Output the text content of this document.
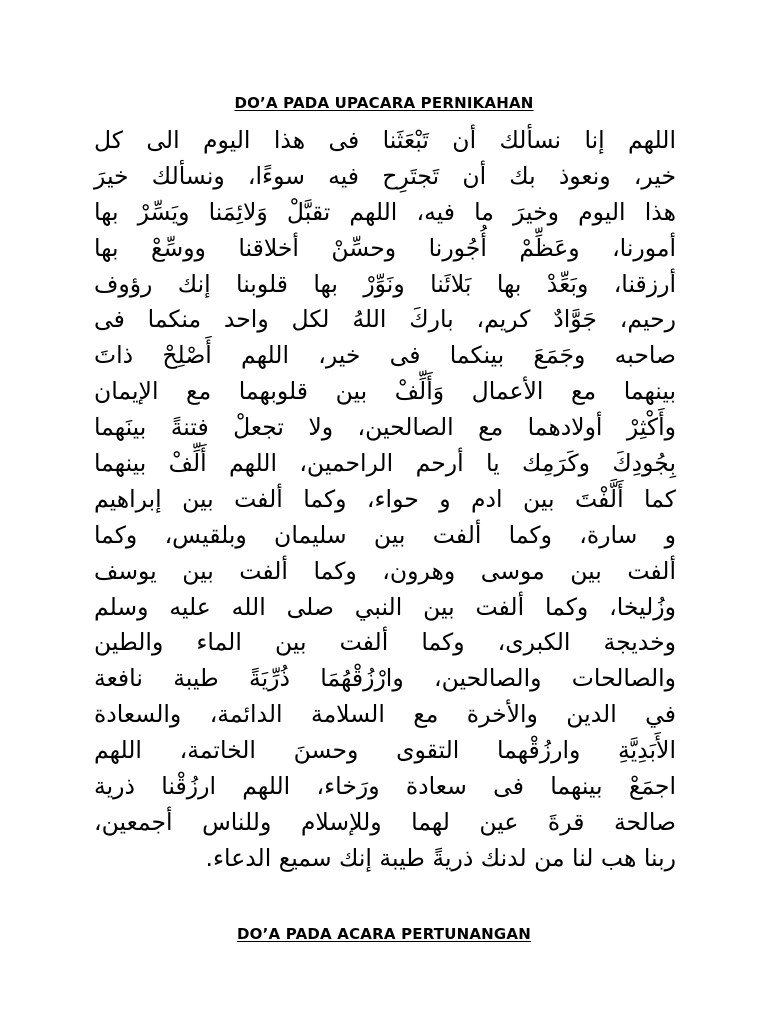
DO’A PADA UPACARA PERNIKAHAN
اللهم إنا نسألك أن تَبْعَثَنا فى هذا اليوم الى كل
خير، ونعوذ بك أن تَجتَرِح فيه سوءًا، ونسألك خيرَ
هذا اليوم وخيرَ ما فيه، اللهم تقبَّلْ وَلائِمَنا ويَسِّرْ بها
أمورنا، وعَظِّمْ أُجُورنا وحسِّنْ أخلاقنا ووسِّعْ بها
أرزقنا، وبَعِّدْ بها بَلائَنا ونَوِّرْ بها قلوبنا إنك رؤوف
رحيم، جَوَّادٌ كريم، باركَ اللهُ لكل واحد منكما فى
صاحبه وجَمَعَ بينكما فى خير، اللهم أَصْلِحْ ذاتَ
بينهما مع الأعمال وَأَلِّفْ بين قلوبهما مع الإيمان
وأَكْثِرْ أولادهما مع الصالحين، ولا تجعلْ فتنةً بينَهما
بِجُودِكَ وكَرَمِك يا أرحم الراحمين، اللهم أَلِّفْ بينهما
كما أَلَّفْتَ بين ادم و حواء، وكما ألفت بين إبراهيم
و سارة، وكما ألفت بين سليمان وبلقيس، وكما
ألفت بين موسى وهرون، وكما ألفت بين يوسف
وزُليخا، وكما ألفت بين النبي صلى الله عليه وسلم
وخديجة الكبرى، وكما ألفت بين الماء والطين
والصالحات والصالحين، وارْزُقْهُمَا ذُرِّيَةً طيبة نافعة
في الدين والأخرة مع السلامة الدائمة، والسعادة
الأَبَدِيَّةِ وارزُقْهما التقوى وحسنَ الخاتمة، اللهم
اجمَعْ بينهما فى سعادة ورَخاء، اللهم ارزُقْنا ذرية
صالحة قرةَ عين لهما وللإسلام وللناس أجمعين،
ربنا هب لنا من لدنك ذريةً طيبة إنك سميع الدعاء.
DO’A PADA ACARA PERTUNANGAN
